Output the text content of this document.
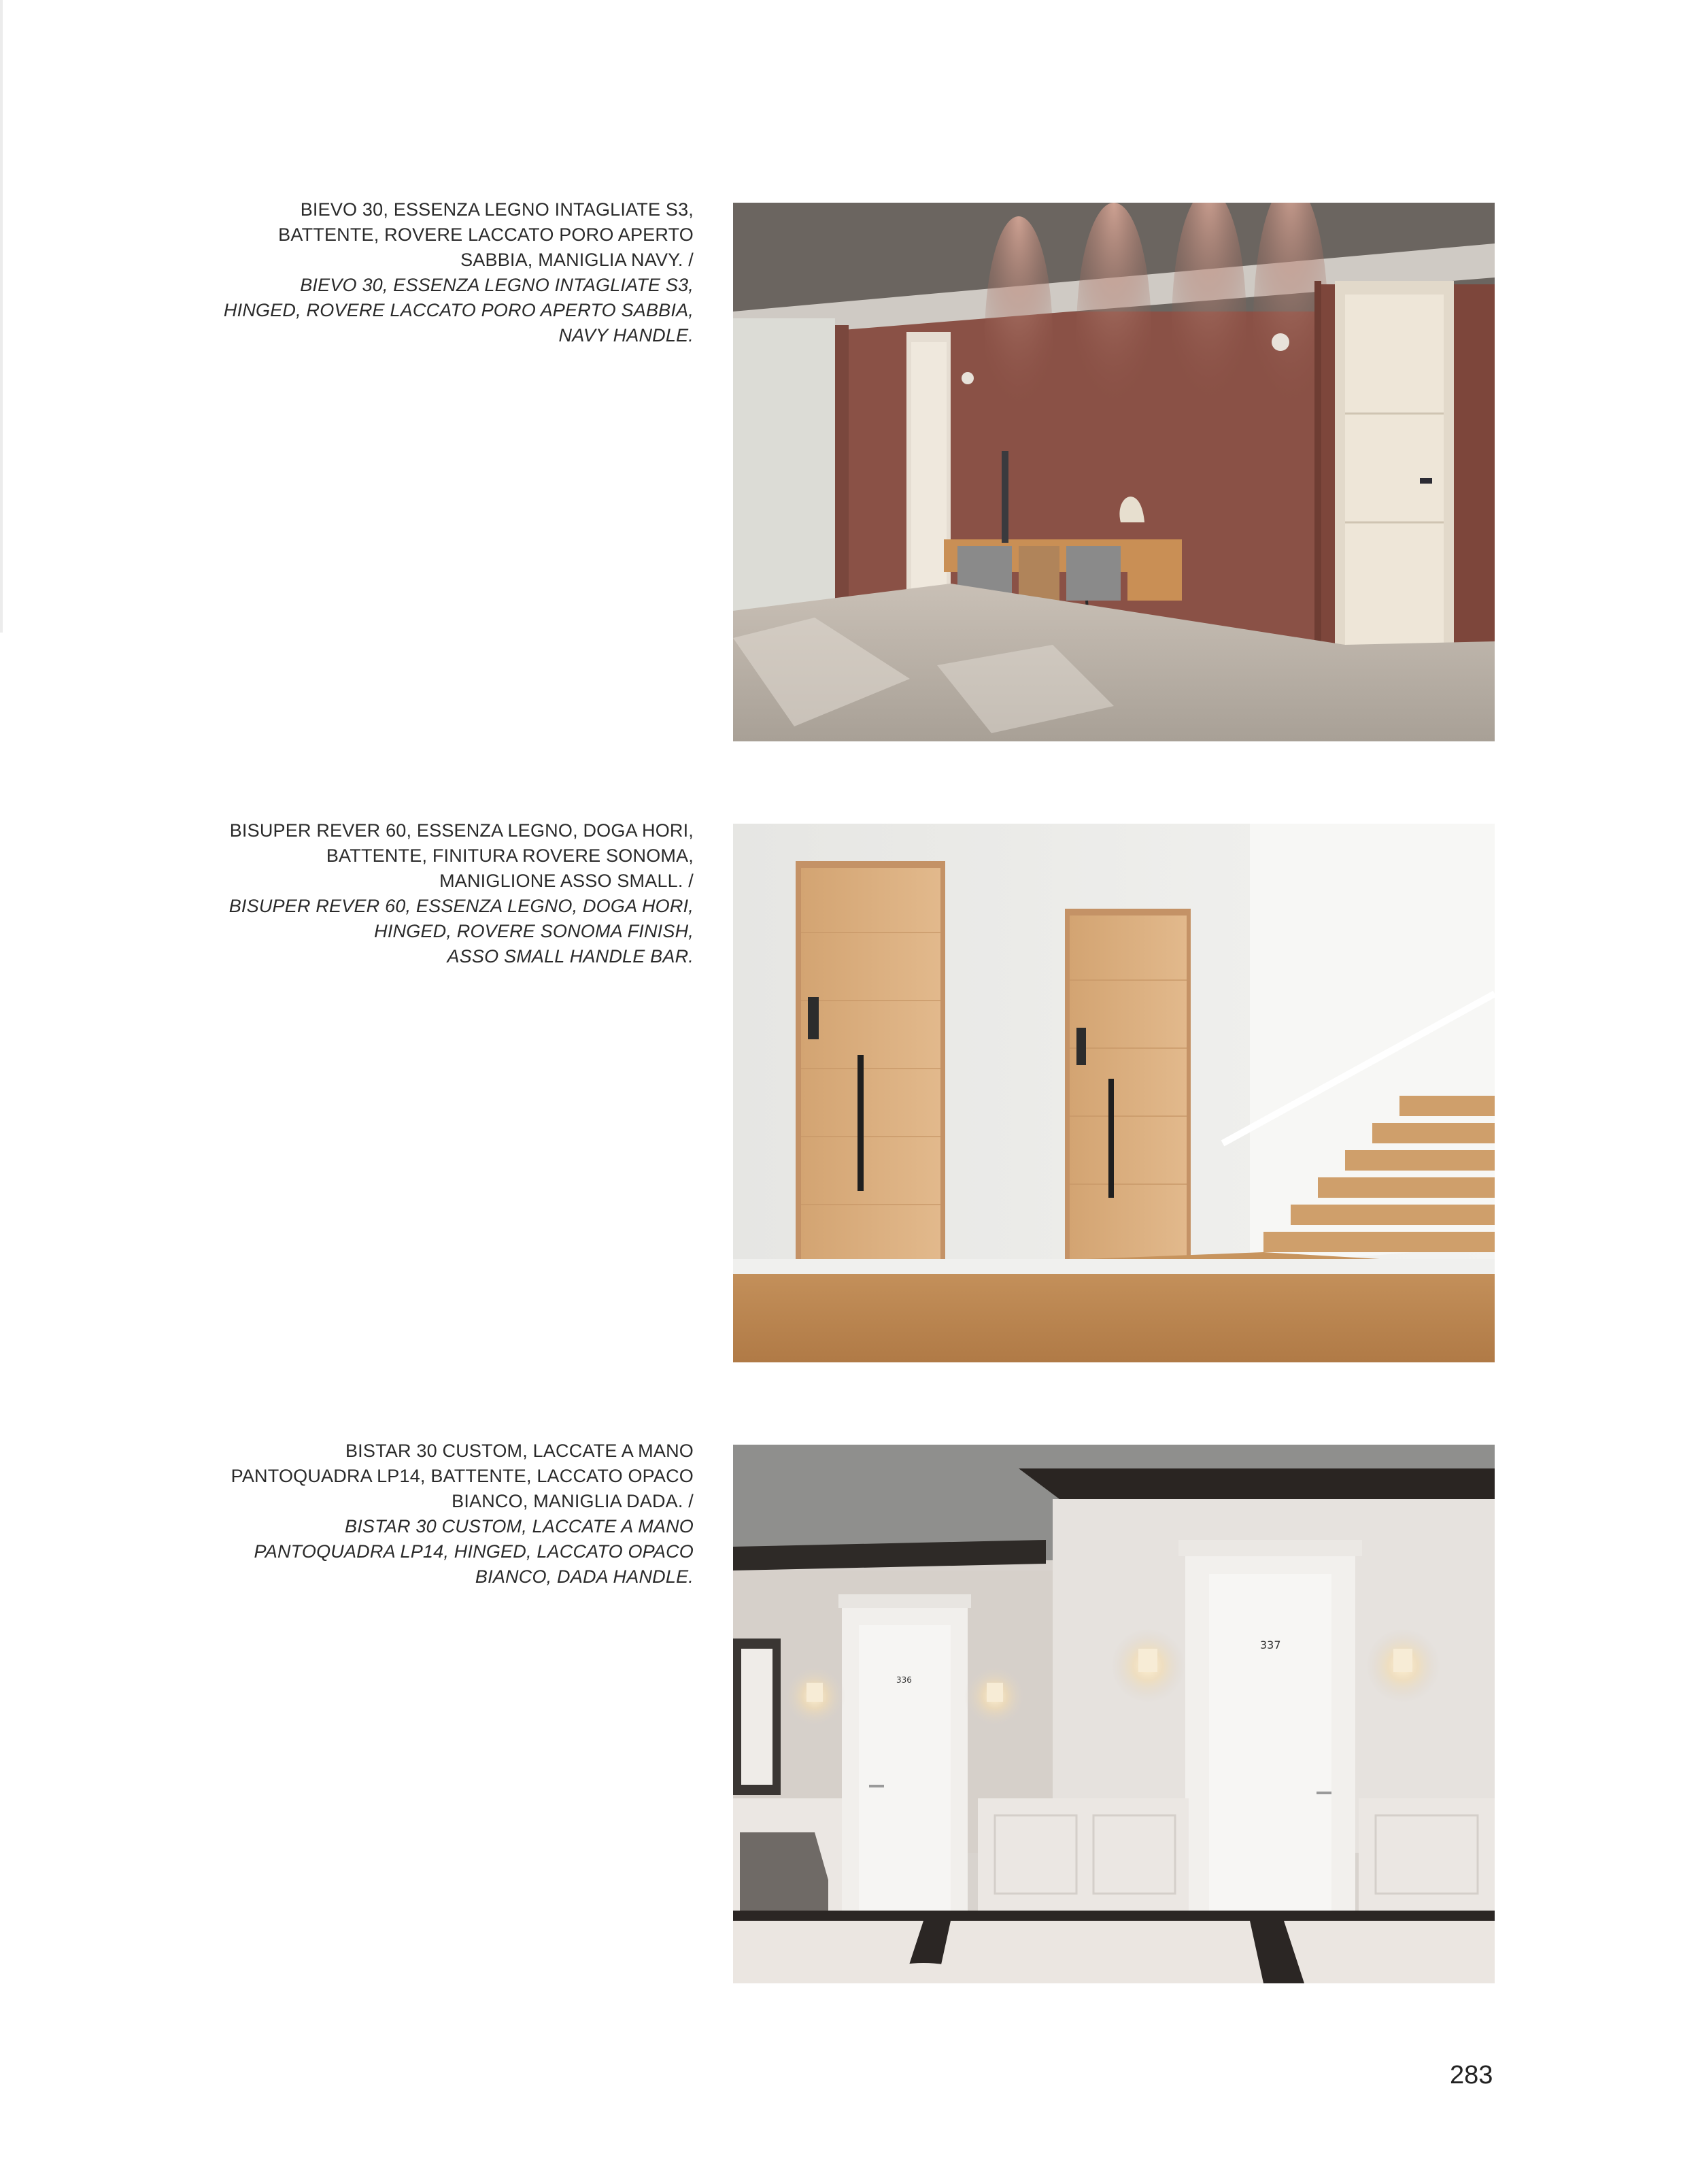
BIEVO 30, ESSENZA LEGNO INTAGLIATE S3,
BATTENTE, ROVERE LACCATO PORO APERTO
SABBIA, MANIGLIA NAVY. /
BIEVO 30, ESSENZA LEGNO INTAGLIATE S3,
HINGED, ROVERE LACCATO PORO APERTO SABBIA,
NAVY HANDLE.
BISUPER REVER 60, ESSENZA LEGNO, DOGA HORI,
BATTENTE, FINITURA ROVERE SONOMA,
MANIGLIONE ASSO SMALL. /
BISUPER REVER 60, ESSENZA LEGNO, DOGA HORI,
HINGED, ROVERE SONOMA FINISH,
ASSO SMALL HANDLE BAR.
BISTAR 30 CUSTOM, LACCATE A MANO
PANTOQUADRA LP14, BATTENTE, LACCATO OPACO
BIANCO, MANIGLIA DADA. /
BISTAR 30 CUSTOM, LACCATE A MANO
PANTOQUADRA LP14, HINGED, LACCATO OPACO
BIANCO, DADA HANDLE.
336
337
283
